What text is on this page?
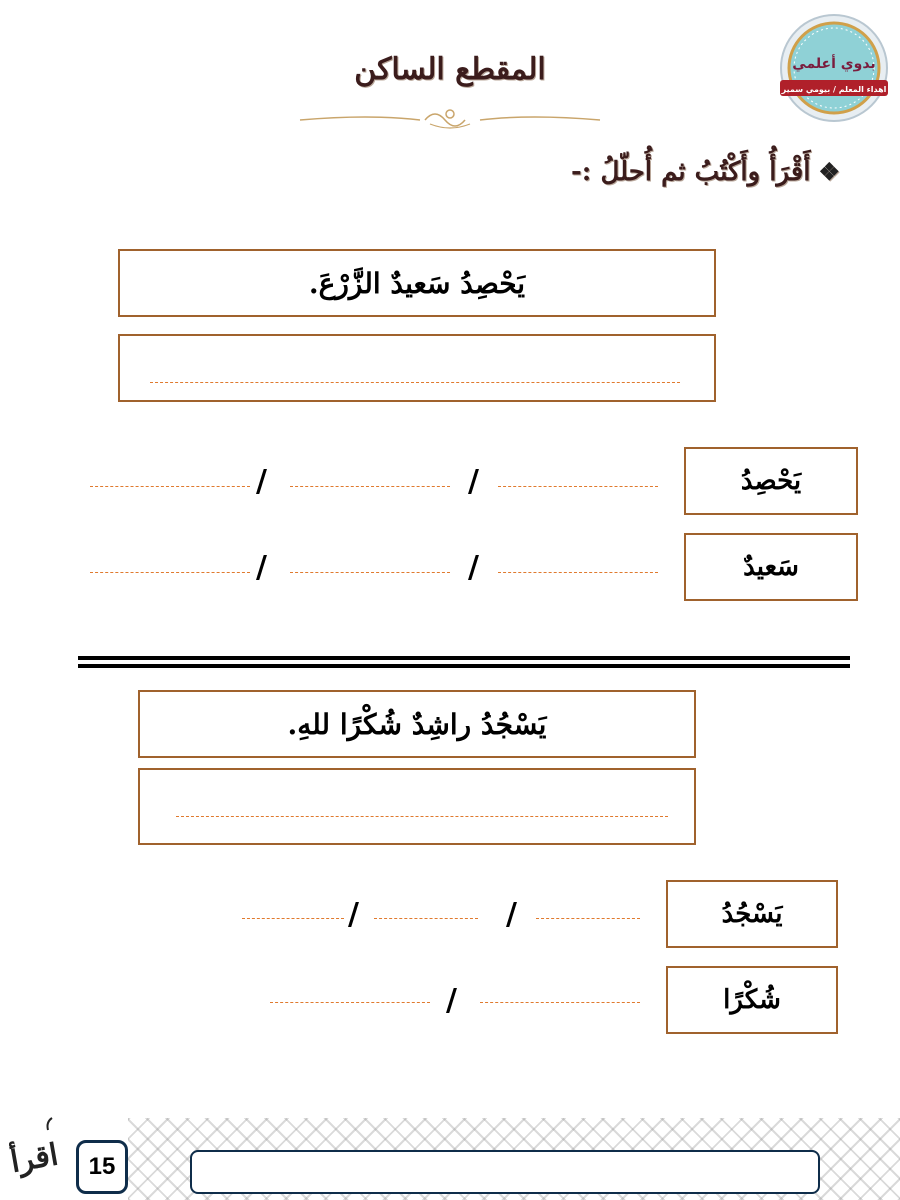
بدوي أعلمي
• اهداء المعلم / بيومي سمير •
المقطع الساكن
❖أَقْرَأُ وأَكْتُبُ ثم أُحلّلُ :-
يَحْصِدُ سَعيدٌ الزَّرْعَ.
يَحْصِدُ
/	/
سَعيدٌ
/	/
يَسْجُدُ راشِدٌ شُكْرًا للهِ.
يَسْجُدُ
/	/
شُكْرًا
/
15
اقرأ
